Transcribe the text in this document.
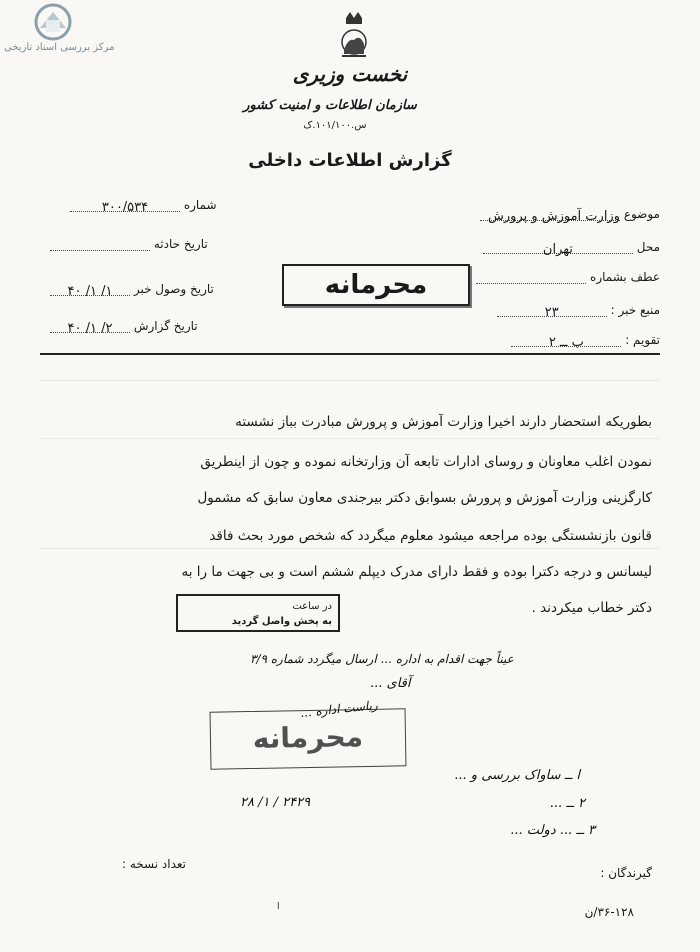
مرکز بررسی اسناد تاریخی
نخست وزیری
سازمان اطلاعات و امنیت کشور
س.۱۰۱/۱۰۰.ک
گزارش اطلاعات داخلی
موضوع وزارت آموزش و پرورش
محل تهران
عطف بشماره
منبع خبر : ۲۳
تقویم : ب ــ ۲
شماره ۳۰۰/۵۳۴
تاریخ حادثه
تاریخ وصول خبر ۱/ ۱/ ۴۰
تاریخ گزارش ۲/ ۱/ ۴۰
محرمانه
بطوریکه استحضار دارند اخیرا وزارت آموزش و پرورش مبادرت بباز نشسته
نمودن اغلب معاونان و روسای ادارات تابعه آن وزارتخانه نموده و چون از اینطریق
کارگزینی وزارت آموزش و پرورش بسوابق دکتر بیرجندی معاون سابق که مشمول
قانون بازنشستگی بوده مراجعه میشود معلوم میگردد که شخص مورد بحث فاقد
لیسانس و درجه دکترا بوده و فقط دارای مدرک دیپلم ششم است و بی جهت ما را به
دکتر خطاب میکردند .
در ساعت
به پخش واصل گردید
عیناً جهت اقدام به اداره ... ارسال میگردد شماره ۳/۹
آقای ...
ریاست اداره ...
محرمانه
۲۴۲۹ / ۱/ ۲۸
ا ــ ساواک بررسی و ...
۲ ــ ...
۳ ــ ... دولت ...
تعداد نسخه :
گیرندگان :
۳۶-۱۲۸/ن
ا
